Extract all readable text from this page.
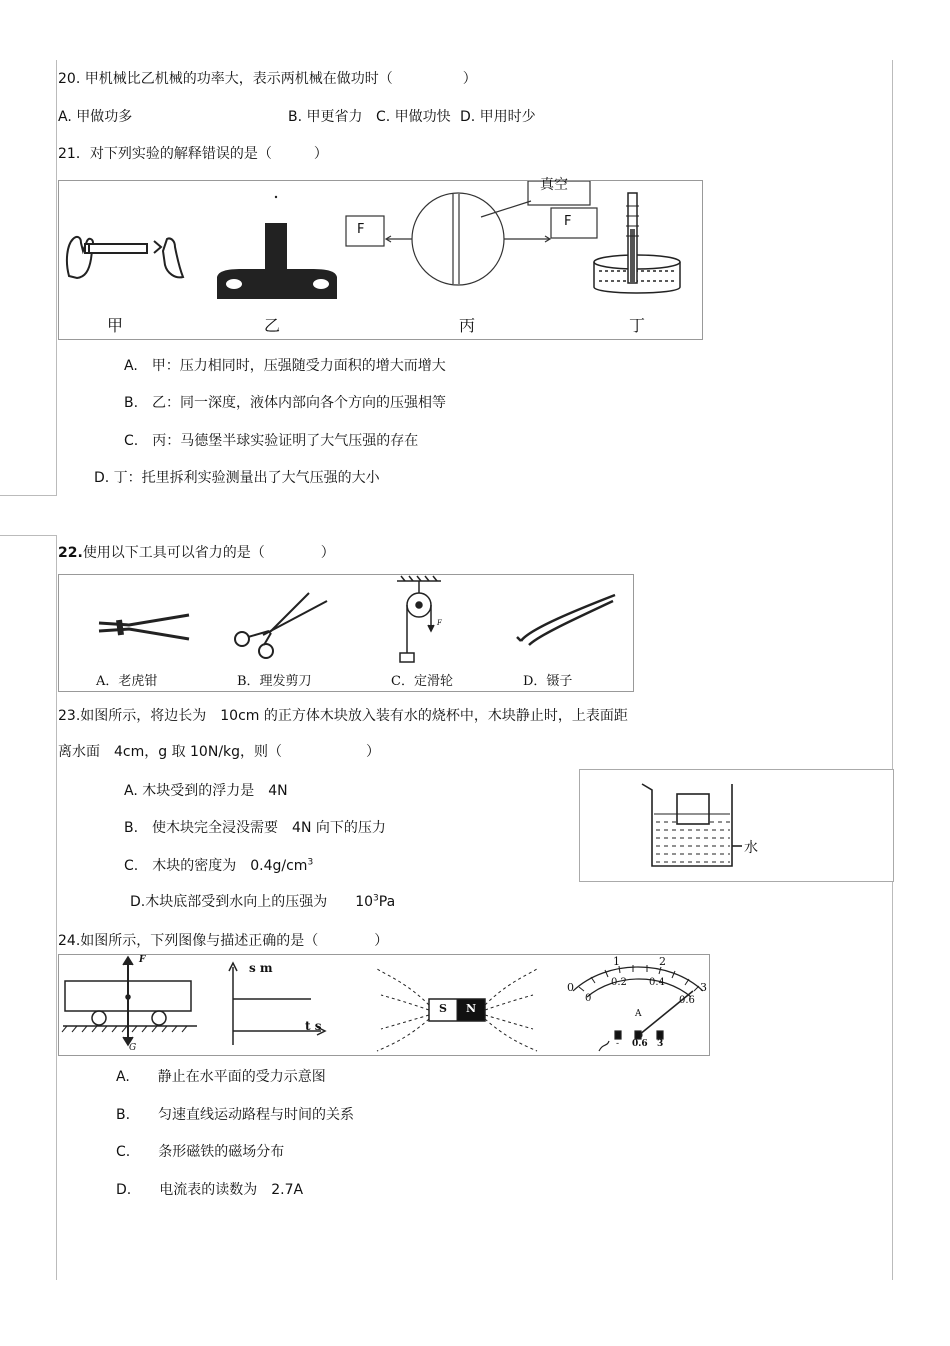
20. 甲机械比乙机械的功率大，表示两机械在做功时（　　　　　）
A. 甲做功多	B. 甲更省力 C. 甲做功快 D. 甲用时少
21．对下列实验的解释错误的是（　　　）
真空
F
F
甲	乙	丙	丁
A.　甲：压力相同时，压强随受力面积的增大而增大
B.　乙：同一深度，液体内部向各个方向的压强相等
C.　丙：马德堡半球实验证明了大气压强的存在
D. 丁：托里拆利实验测量出了大气压强的大小
22.使用以下工具可以省力的是（　　　　）
F
A．老虎钳	B．理发剪刀	C．定滑轮	D．镊子
23.如图所示，将边长为　10cm 的正方体木块放入装有水的烧杯中，木块静止时，上表面距
离水面　4cm，g 取 10N/kg，则（　　　　　　）
水
A. 木块受到的浮力是　4N
B.　使木块完全浸没需要　4N 向下的压力
C.　木块的密度为　$0.4g/cm^3$
D.木块底部受到水向上的压强为　　$10^3Pa$
24.如图所示，下列图像与描述正确的是（　　　　）
F
G
s m
t s
S N
0
1	2
3
0
0.2 0.4
0.6
A
- 0.6 3
A.　　静止在水平面的受力示意图
B.　　匀速直线运动路程与时间的关系
C.　　条形磁铁的磁场分布
D.　　电流表的读数为　2.7A
